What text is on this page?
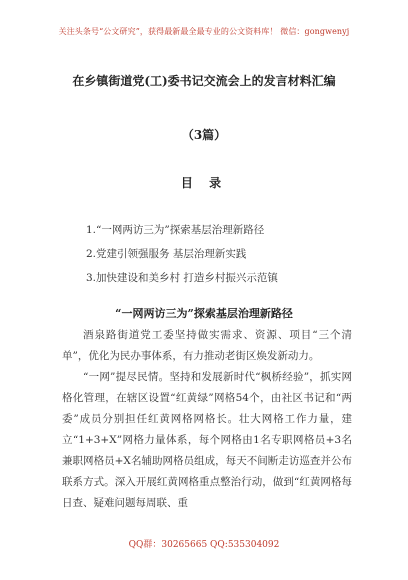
关注头条号“公文研究”，获得最新最全最专业的公文资料库！ 微信：gongwenyj
在乡镇街道党(工)委书记交流会上的发言材料汇编
（3篇）
目 录
1.“一网两访三为”探索基层治理新路径
2.党建引领强服务 基层治理新实践
3.加快建设和美乡村 打造乡村振兴示范镇
“一网两访三为”探索基层治理新路径

酒泉路街道党工委坚持做实需求、资源、项目“三个清单”，优化为民办事体系，有力推动老街区焕发新动力。

“一网”提尽民情。坚持和发展新时代“枫桥经验”，抓实网格化管理，在辖区设置“红黄绿”网格54个，由社区书记和“两委”成员分别担任红黄网格网格长。壮大网格工作力量，建立“1+3+X”网格力量体系，每个网格由1名专职网格员+3名兼职网格员+X名辅助网格员组成，每天不间断走访巡查并公布联系方式。深入开展红黄网格重点整治行动，做到“红黄网格每日查、疑难问题每周联、重

QQ群：30265665 QQ:535304092
